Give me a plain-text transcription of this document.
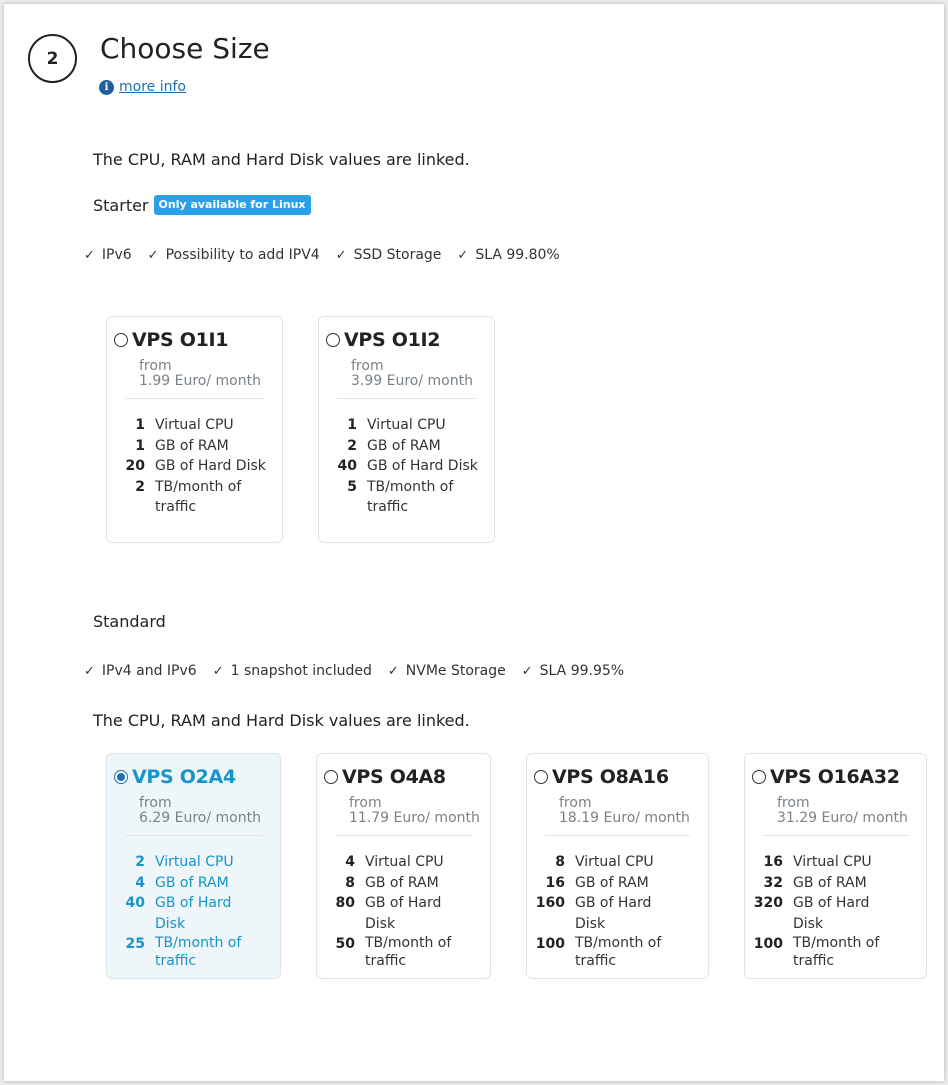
2	Choose Size
i more info
The CPU, RAM and Hard Disk values are linked.
Starter Only available for Linux
✓ IPv6 ✓ Possibility to add IPV4 ✓ SSD Storage ✓ SLA 99.80%
VPS O1I1
from
1.99 Euro/ month
1 Virtual CPU
1 GB of RAM
20 GB of Hard Disk
2 TB/month of traffic
VPS O1I2
from
3.99 Euro/ month
1 Virtual CPU
2 GB of RAM
40 GB of Hard Disk
5 TB/month of traffic
Standard
✓ IPv4 and IPv6 ✓ 1 snapshot included ✓ NVMe Storage ✓ SLA 99.95%
The CPU, RAM and Hard Disk values are linked.
VPS O2A4
from
6.29 Euro/ month
2 Virtual CPU
4 GB of RAM
40 GB of Hard Disk
25 TB/month of traffic
VPS O4A8
from
11.79 Euro/ month
4 Virtual CPU
8 GB of RAM
80 GB of Hard Disk
50 TB/month of traffic
VPS O8A16
from
18.19 Euro/ month
8 Virtual CPU
16 GB of RAM
160 GB of Hard Disk
100 TB/month of traffic
VPS O16A32
from
31.29 Euro/ month
16 Virtual CPU
32 GB of RAM
320 GB of Hard Disk
100 TB/month of traffic
